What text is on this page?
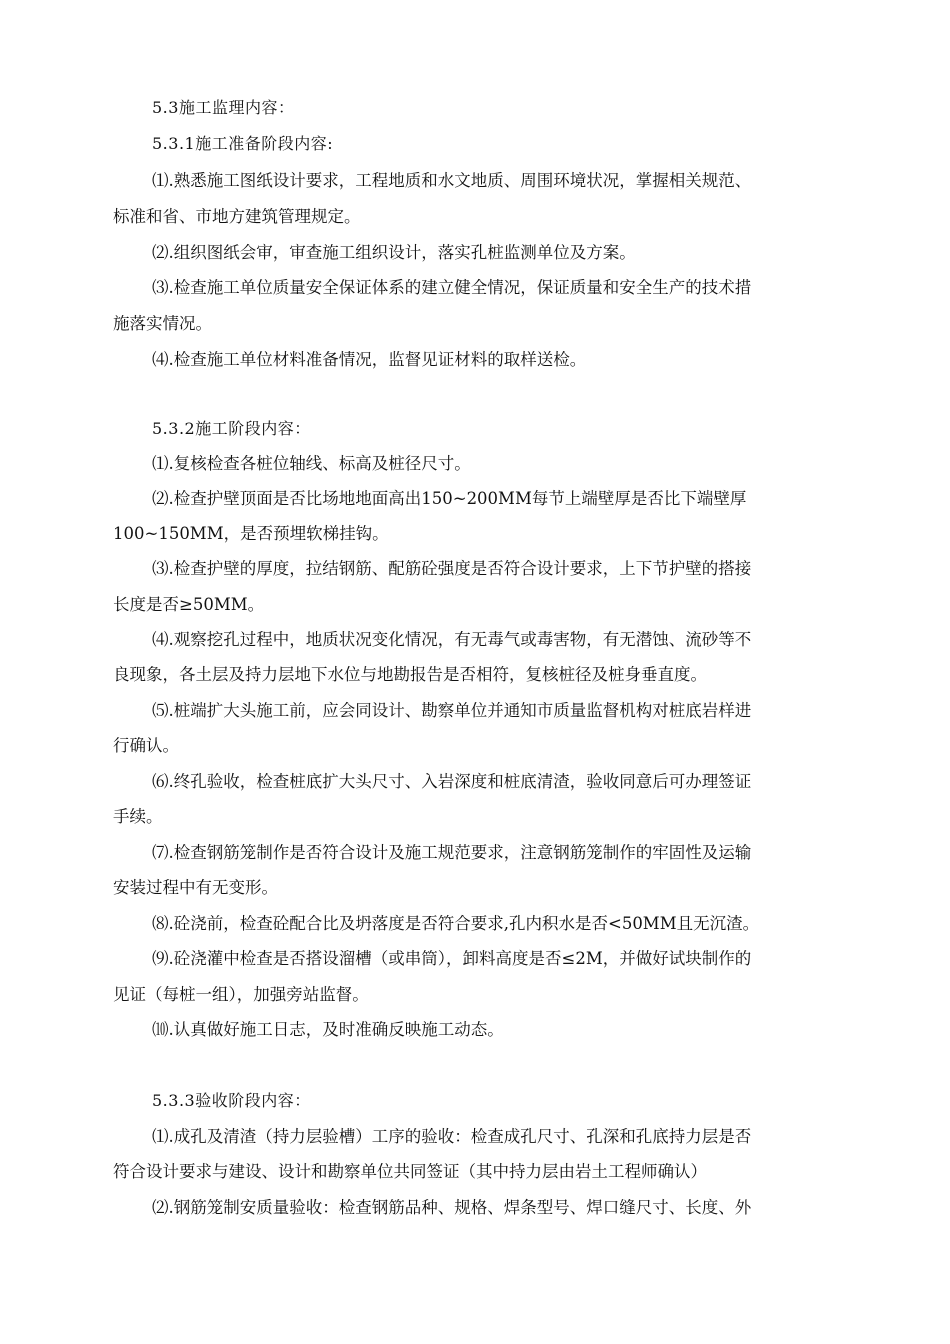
5.3施工监理内容：
5.3.1施工准备阶段内容:
⑴.熟悉施工图纸设计要求，工程地质和水文地质、周围环境状况，掌握相关规范、
标准和省、市地方建筑管理规定。
⑵.组织图纸会审，审查施工组织设计，落实孔桩监测单位及方案。
⑶.检查施工单位质量安全保证体系的建立健全情况，保证质量和安全生产的技术措
施落实情况。
⑷.检查施工单位材料准备情况，监督见证材料的取样送检。
5.3.2施工阶段内容：
⑴.复核检查各桩位轴线、标高及桩径尺寸。
⑵.检查护壁顶面是否比场地地面高出150~200MM每节上端壁厚是否比下端壁厚
100~150MM，是否预埋软梯挂钩。
⑶.检查护壁的厚度，拉结钢筋、配筋砼强度是否符合设计要求，上下节护壁的搭接
长度是否≥50MM。
⑷.观察挖孔过程中，地质状况变化情况，有无毒气或毒害物，有无潜蚀、流砂等不
良现象，各土层及持力层地下水位与地勘报告是否相符，复核桩径及桩身垂直度。
⑸.桩端扩大头施工前，应会同设计、勘察单位并通知市质量监督机构对桩底岩样进
行确认。
⑹.终孔验收，检查桩底扩大头尺寸、入岩深度和桩底清渣，验收同意后可办理签证
手续。
⑺.检查钢筋笼制作是否符合设计及施工规范要求，注意钢筋笼制作的牢固性及运输
安装过程中有无变形。
⑻.砼浇前，检查砼配合比及坍落度是否符合要求,孔内积水是否<50MM且无沉渣。
⑼.砼浇灌中检查是否搭设溜槽（或串筒），卸料高度是否≤2M，并做好试块制作的
见证（每桩一组），加强旁站监督。
⑽.认真做好施工日志，及时准确反映施工动态。
5.3.3验收阶段内容：
⑴.成孔及清渣（持力层验槽）工序的验收：检查成孔尺寸、孔深和孔底持力层是否
符合设计要求与建设、设计和勘察单位共同签证（其中持力层由岩土工程师确认）
⑵.钢筋笼制安质量验收：检查钢筋品种、规格、焊条型号、焊口缝尺寸、长度、外
